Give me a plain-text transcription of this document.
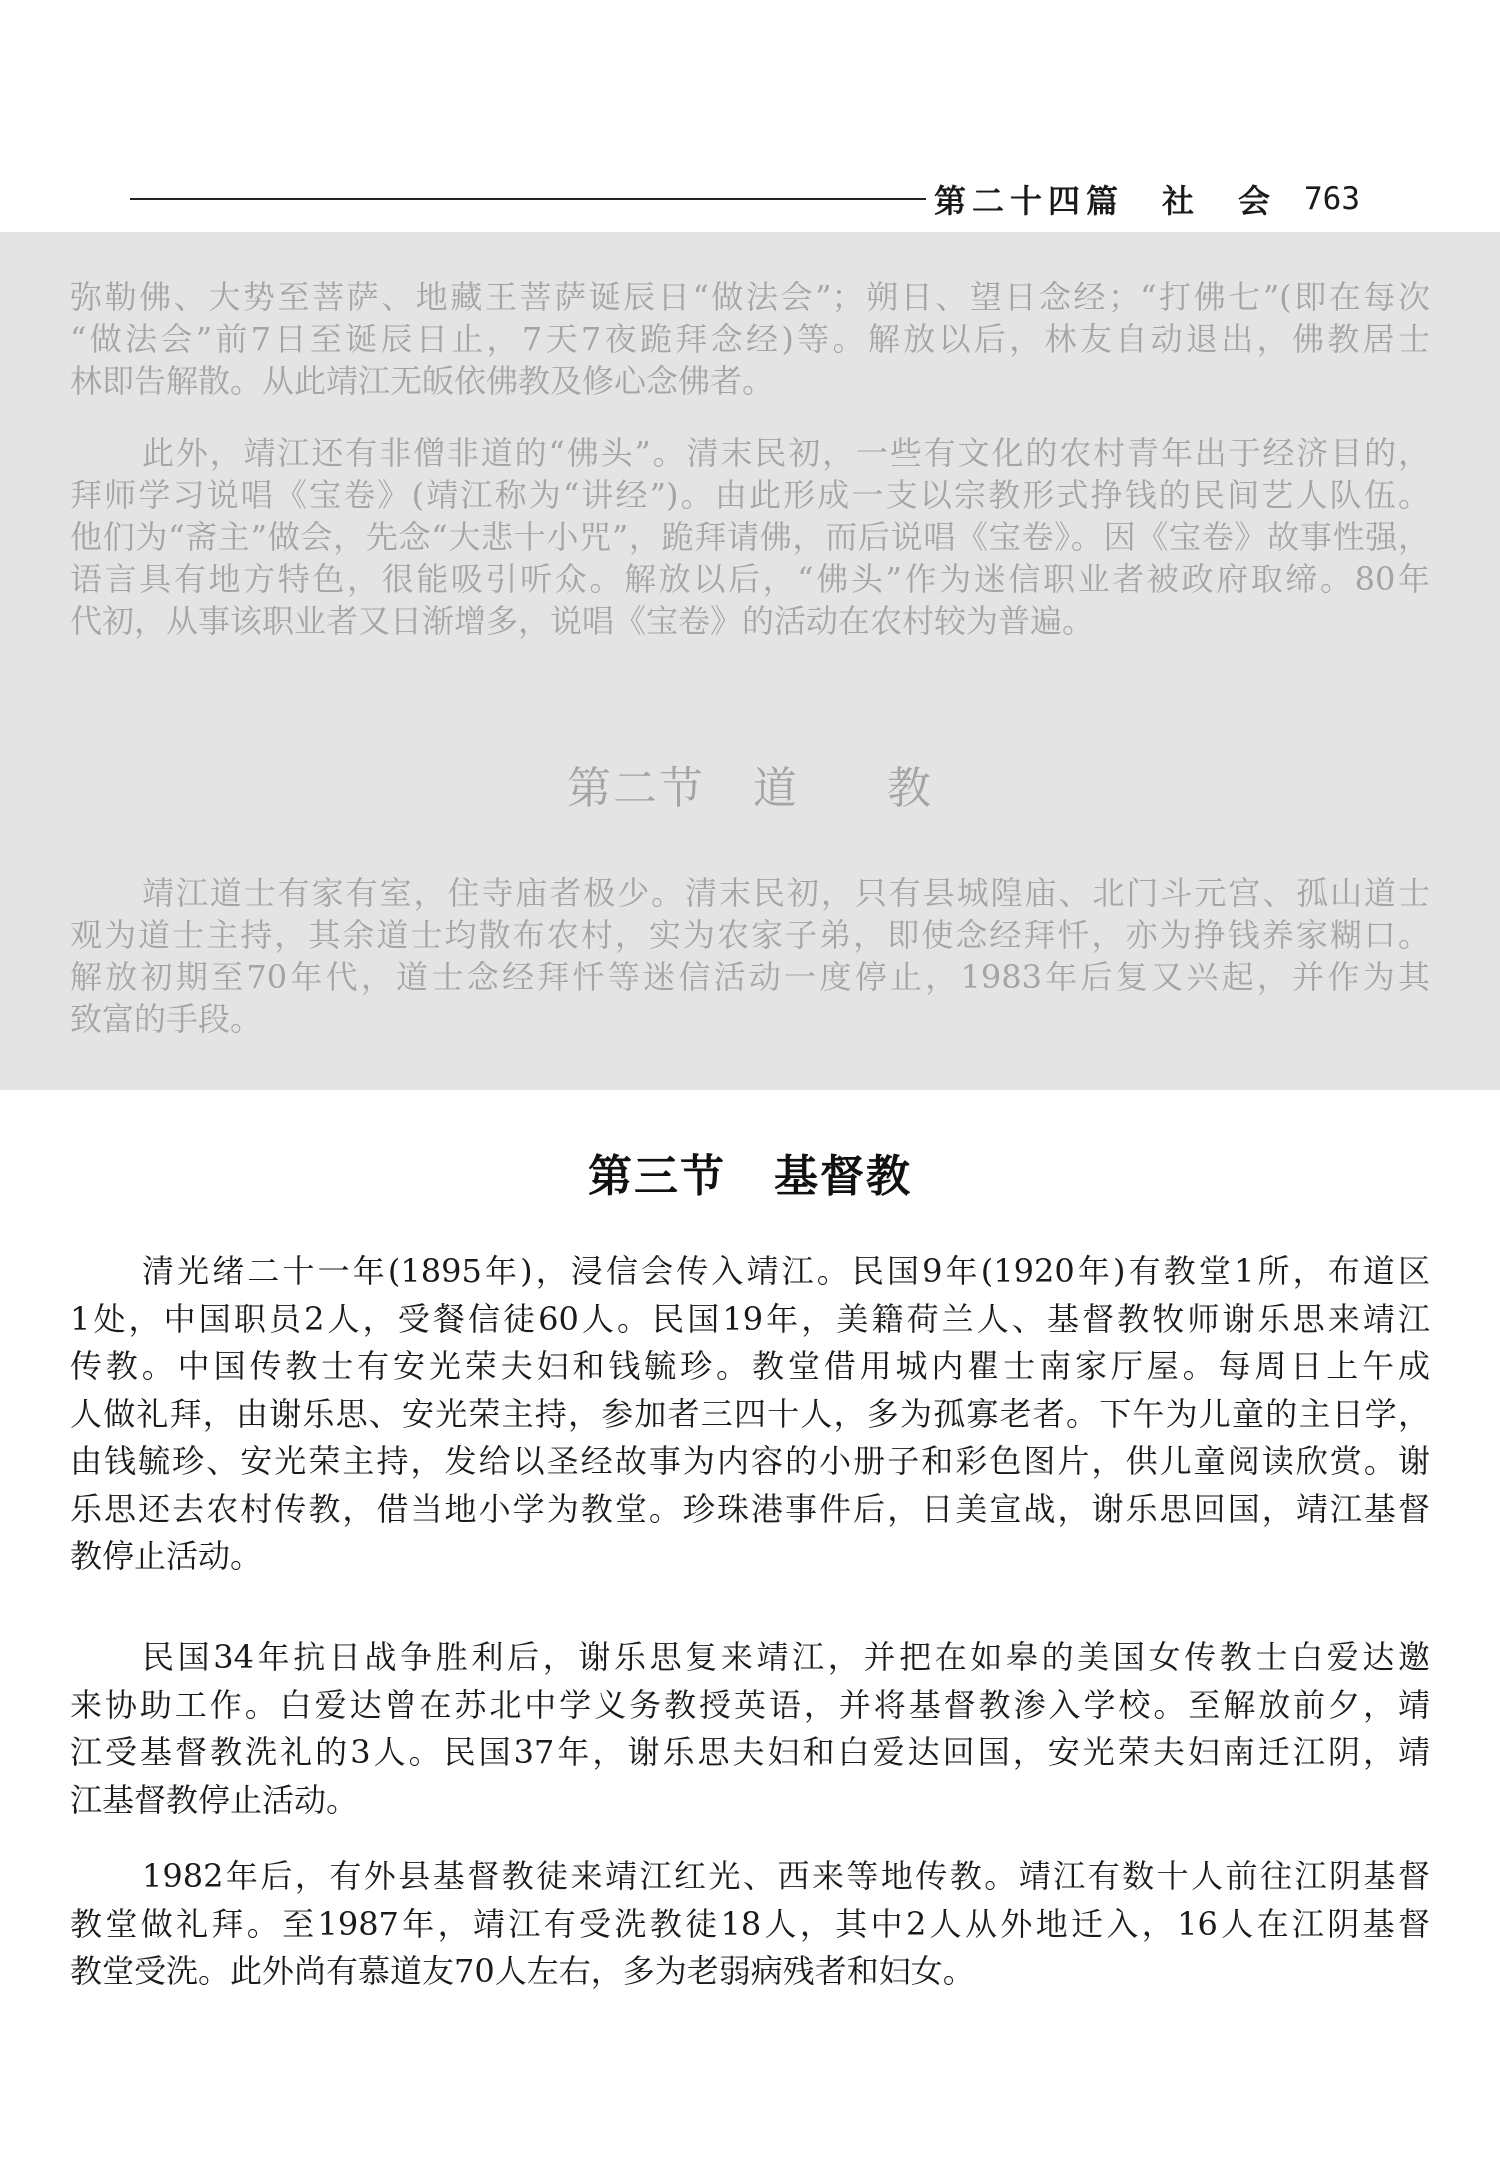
第二十四篇　社　会 763
弥勒佛、大势至菩萨、地藏王菩萨诞辰日“做法会”；朔日、望日念经；“打佛七”(即在每次
“做法会”前7日至诞辰日止，7天7夜跪拜念经)等。解放以后，林友自动退出，佛教居士
林即告解散。从此靖江无皈依佛教及修心念佛者。
此外，靖江还有非僧非道的“佛头”。清末民初，一些有文化的农村青年出于经济目的，
拜师学习说唱《宝卷》(靖江称为“讲经”)。由此形成一支以宗教形式挣钱的民间艺人队伍。
他们为“斋主”做会，先念“大悲十小咒”，跪拜请佛，而后说唱《宝卷》。因《宝卷》故事性强，
语言具有地方特色，很能吸引听众。解放以后，“佛头”作为迷信职业者被政府取缔。80年
代初，从事该职业者又日渐增多，说唱《宝卷》的活动在农村较为普遍。
第二节 道 教
靖江道士有家有室，住寺庙者极少。清末民初，只有县城隍庙、北门斗元宫、孤山道士
观为道士主持，其余道士均散布农村，实为农家子弟，即使念经拜忏，亦为挣钱养家糊口。
解放初期至70年代，道士念经拜忏等迷信活动一度停止，1983年后复又兴起，并作为其
致富的手段。
第三节 基督教
清光绪二十一年(1895年)，浸信会传入靖江。民国9年(1920年)有教堂1所，布道区
1处，中国职员2人，受餐信徒60人。民国19年，美籍荷兰人、基督教牧师谢乐思来靖江
传教。中国传教士有安光荣夫妇和钱毓珍。教堂借用城内瞿士南家厅屋。每周日上午成
人做礼拜，由谢乐思、安光荣主持，参加者三四十人，多为孤寡老者。下午为儿童的主日学，
由钱毓珍、安光荣主持，发给以圣经故事为内容的小册子和彩色图片，供儿童阅读欣赏。谢
乐思还去农村传教，借当地小学为教堂。珍珠港事件后，日美宣战，谢乐思回国，靖江基督
教停止活动。
民国34年抗日战争胜利后，谢乐思复来靖江，并把在如皋的美国女传教士白爱达邀
来协助工作。白爱达曾在苏北中学义务教授英语，并将基督教渗入学校。至解放前夕，靖
江受基督教洗礼的3人。民国37年，谢乐思夫妇和白爱达回国，安光荣夫妇南迁江阴，靖
江基督教停止活动。
1982年后，有外县基督教徒来靖江红光、西来等地传教。靖江有数十人前往江阴基督
教堂做礼拜。至1987年，靖江有受洗教徒18人，其中2人从外地迁入，16人在江阴基督
教堂受洗。此外尚有慕道友70人左右，多为老弱病残者和妇女。
